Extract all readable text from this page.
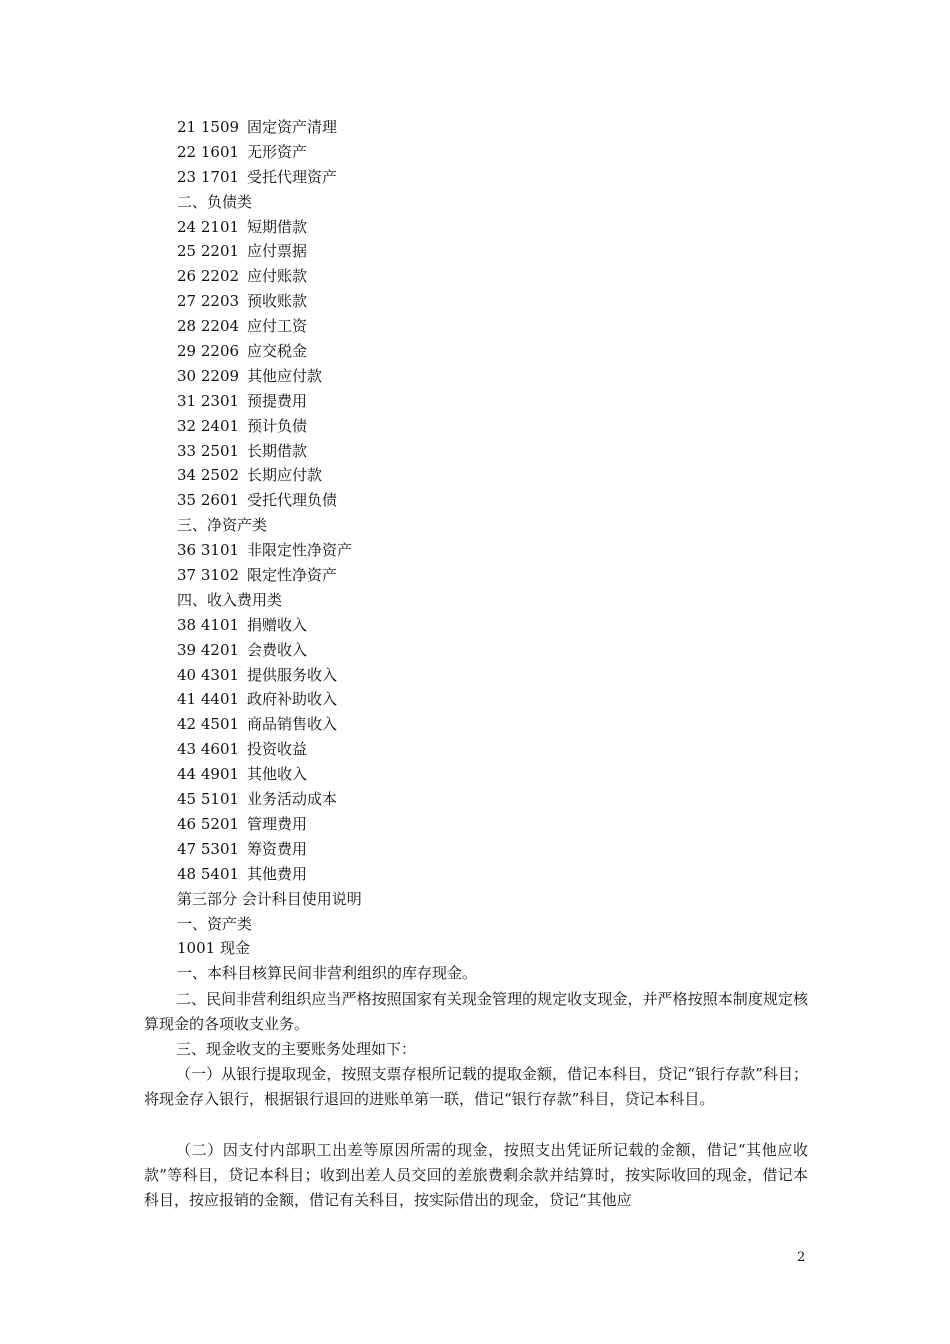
21 1509 固定资产清理
22 1601 无形资产
23 1701 受托代理资产
二、负债类
24 2101 短期借款
25 2201 应付票据
26 2202 应付账款
27 2203 预收账款
28 2204 应付工资
29 2206 应交税金
30 2209 其他应付款
31 2301 预提费用
32 2401 预计负债
33 2501 长期借款
34 2502 长期应付款
35 2601 受托代理负债
三、净资产类
36 3101 非限定性净资产
37 3102 限定性净资产
四、收入费用类
38 4101 捐赠收入
39 4201 会费收入
40 4301 提供服务收入
41 4401 政府补助收入
42 4501 商品销售收入
43 4601 投资收益
44 4901 其他收入
45 5101 业务活动成本
46 5201 管理费用
47 5301 筹资费用
48 5401 其他费用
第三部分 会计科目使用说明
一、资产类
1001 现金
一、本科目核算民间非营利组织的库存现金。
二、民间非营利组织应当严格按照国家有关现金管理的规定收支现金，并严格按照本制度规定核算现金的各项收支业务。
三、现金收支的主要账务处理如下：
（一）从银行提取现金，按照支票存根所记载的提取金额，借记本科目，贷记“银行存款”科目；将现金存入银行，根据银行退回的进账单第一联，借记“银行存款”科目，贷记本科目。
（二）因支付内部职工出差等原因所需的现金，按照支出凭证所记载的金额，借记“其他应收款”等科目，贷记本科目；收到出差人员交回的差旅费剩余款并结算时，按实际收回的现金，借记本科目，按应报销的金额，借记有关科目，按实际借出的现金，贷记“其他应
2
